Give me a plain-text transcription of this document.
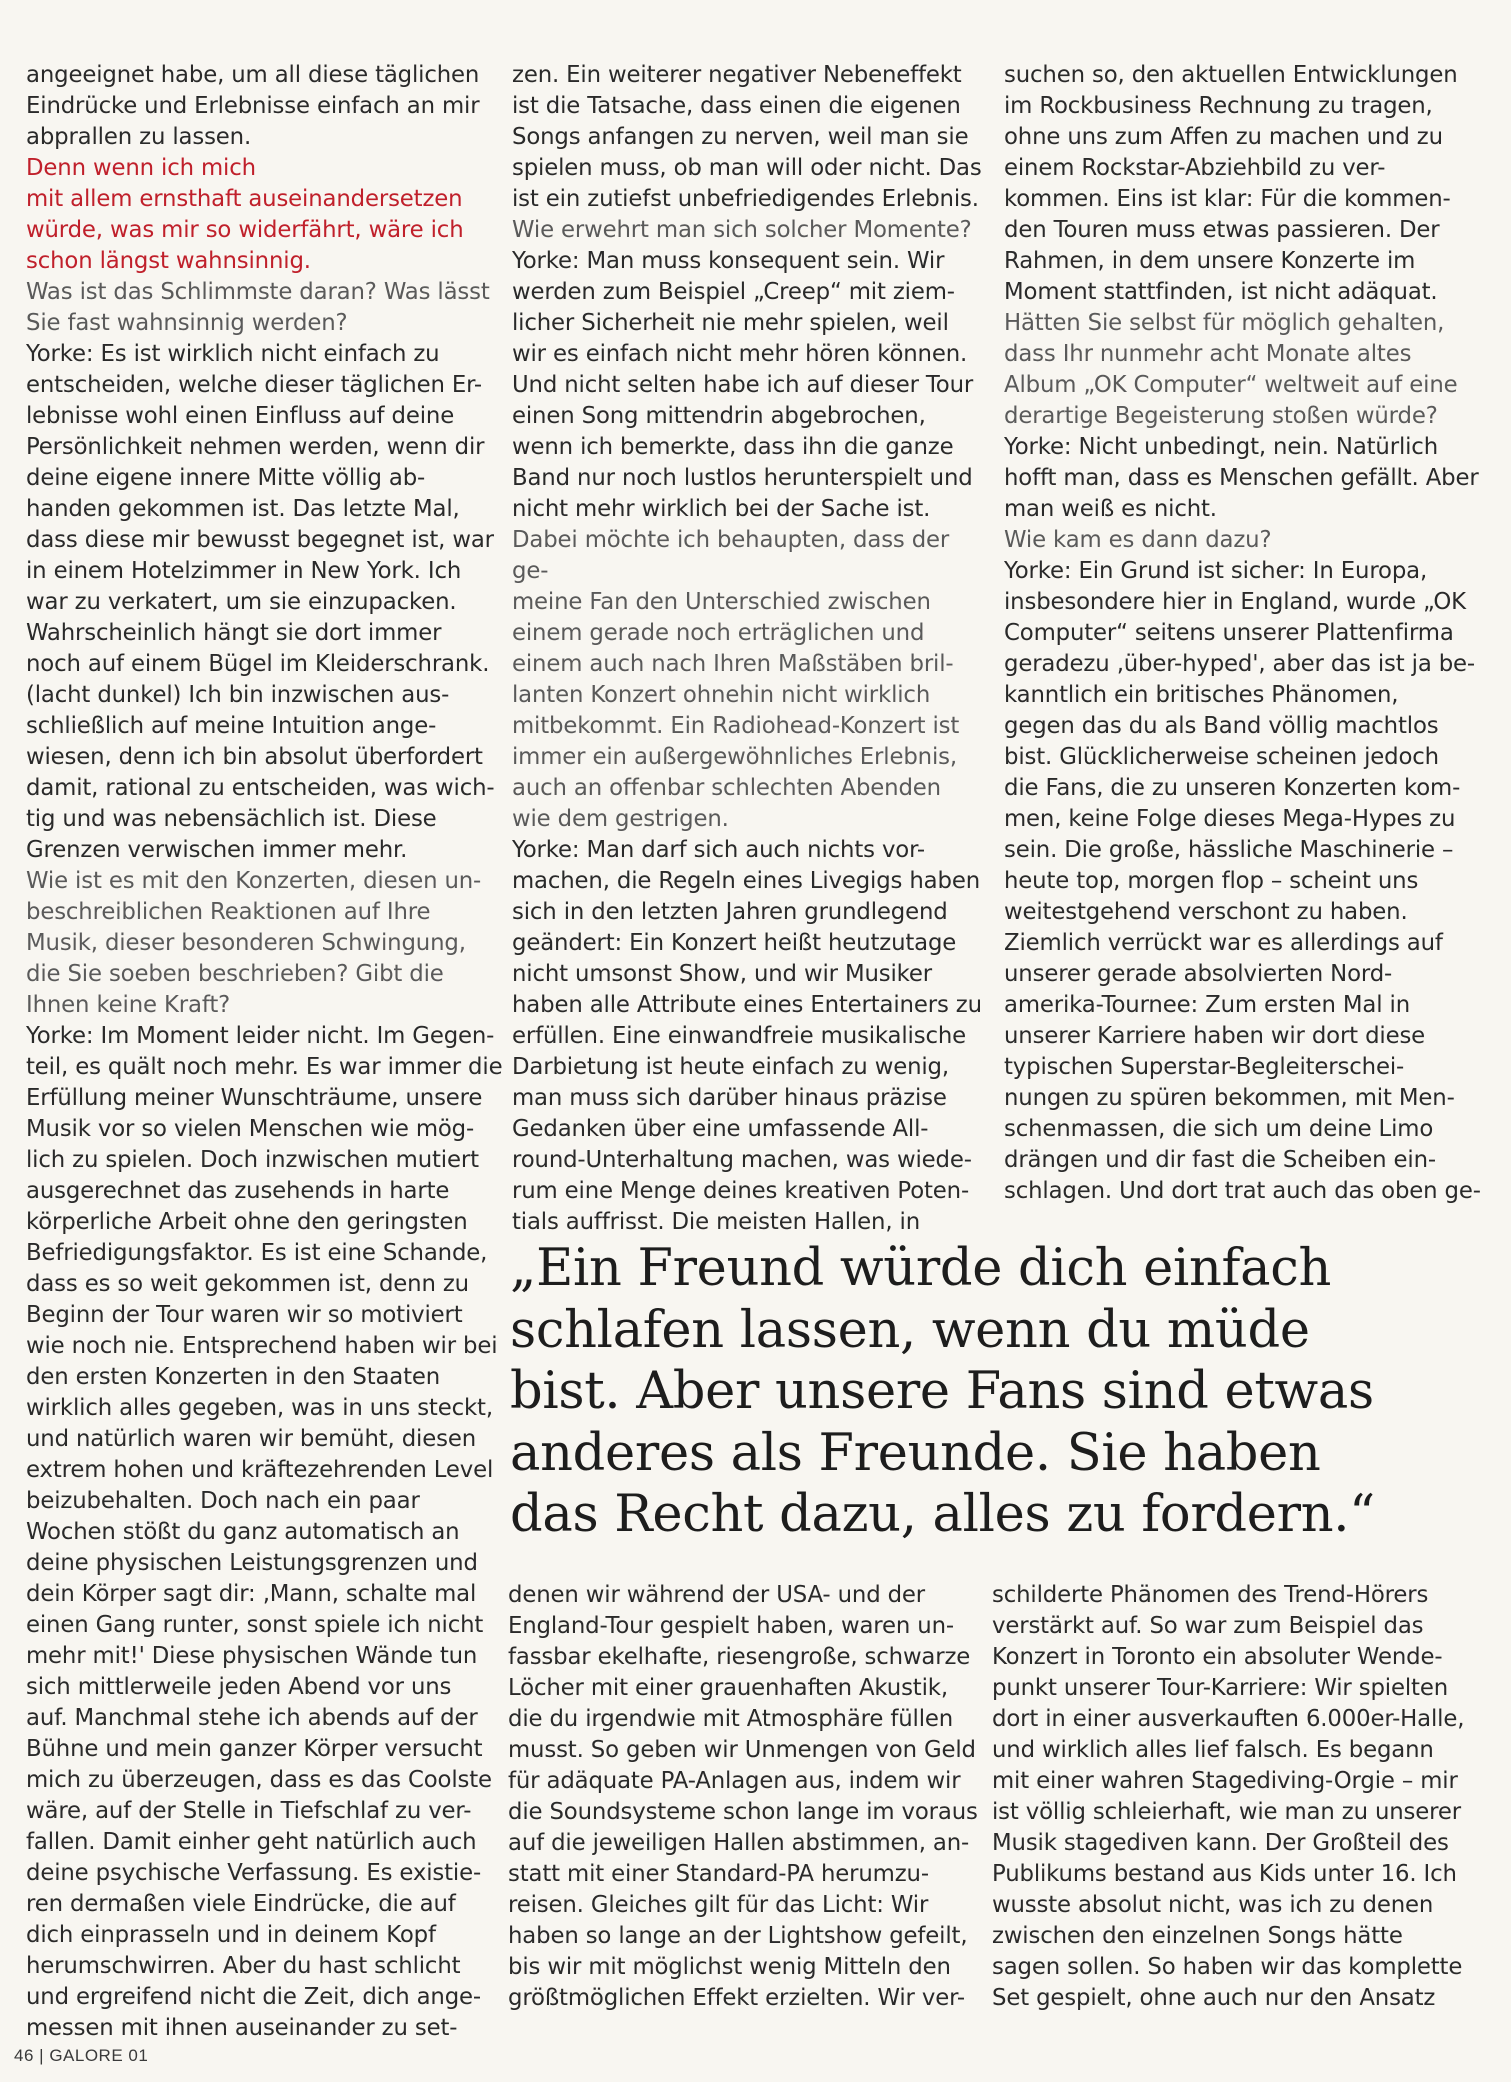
angeeignet habe, um all diese täglichen
Eindrücke und Erlebnisse einfach an mir
abprallen zu lassen.

Denn wenn ich mich
mit allem ernsthaft auseinandersetzen
würde, was mir so widerfährt, wäre ich
schon längst wahnsinnig.

Was ist das Schlimmste daran? Was lässt
Sie fast wahnsinnig werden?

Yorke: Es ist wirklich nicht einfach zu
entscheiden, welche dieser täglichen Er-
lebnisse wohl einen Einfluss auf deine
Persönlichkeit nehmen werden, wenn dir
deine eigene innere Mitte völlig ab-
handen gekommen ist. Das letzte Mal,
dass diese mir bewusst begegnet ist, war
in einem Hotelzimmer in New York. Ich
war zu verkatert, um sie einzupacken.
Wahrscheinlich hängt sie dort immer
noch auf einem Bügel im Kleiderschrank.
(lacht dunkel) Ich bin inzwischen aus-
schließlich auf meine Intuition ange-
wiesen, denn ich bin absolut überfordert
damit, rational zu entscheiden, was wich-
tig und was nebensächlich ist. Diese
Grenzen verwischen immer mehr.

Wie ist es mit den Konzerten, diesen un-
beschreiblichen Reaktionen auf Ihre
Musik, dieser besonderen Schwingung,
die Sie soeben beschrieben? Gibt die
Ihnen keine Kraft?

Yorke: Im Moment leider nicht. Im Gegen-
teil, es quält noch mehr. Es war immer die
Erfüllung meiner Wunschträume, unsere
Musik vor so vielen Menschen wie mög-
lich zu spielen. Doch inzwischen mutiert
ausgerechnet das zusehends in harte
körperliche Arbeit ohne den geringsten
Befriedigungsfaktor. Es ist eine Schande,
dass es so weit gekommen ist, denn zu
Beginn der Tour waren wir so motiviert
wie noch nie. Entsprechend haben wir bei
den ersten Konzerten in den Staaten
wirklich alles gegeben, was in uns steckt,
und natürlich waren wir bemüht, diesen
extrem hohen und kräftezehrenden Level
beizubehalten. Doch nach ein paar
Wochen stößt du ganz automatisch an
deine physischen Leistungsgrenzen und
dein Körper sagt dir: ‚Mann, schalte mal
einen Gang runter, sonst spiele ich nicht
mehr mit!' Diese physischen Wände tun
sich mittlerweile jeden Abend vor uns
auf. Manchmal stehe ich abends auf der
Bühne und mein ganzer Körper versucht
mich zu überzeugen, dass es das Coolste
wäre, auf der Stelle in Tiefschlaf zu ver-
fallen. Damit einher geht natürlich auch
deine psychische Verfassung. Es existie-
ren dermaßen viele Eindrücke, die auf
dich einprasseln und in deinem Kopf
herumschwirren. Aber du hast schlicht
und ergreifend nicht die Zeit, dich ange-
messen mit ihnen auseinander zu set-

zen. Ein weiterer negativer Nebeneffekt
ist die Tatsache, dass einen die eigenen
Songs anfangen zu nerven, weil man sie
spielen muss, ob man will oder nicht. Das
ist ein zutiefst unbefriedigendes Erlebnis.

Wie erwehrt man sich solcher Momente?

Yorke: Man muss konsequent sein. Wir
werden zum Beispiel „Creep“ mit ziem-
licher Sicherheit nie mehr spielen, weil
wir es einfach nicht mehr hören können.
Und nicht selten habe ich auf dieser Tour
einen Song mittendrin abgebrochen,
wenn ich bemerkte, dass ihn die ganze
Band nur noch lustlos herunterspielt und
nicht mehr wirklich bei der Sache ist.

Dabei möchte ich behaupten, dass der ge-
meine Fan den Unterschied zwischen
einem gerade noch erträglichen und
einem auch nach Ihren Maßstäben bril-
lanten Konzert ohnehin nicht wirklich
mitbekommt. Ein Radiohead-Konzert ist
immer ein außergewöhnliches Erlebnis,
auch an offenbar schlechten Abenden
wie dem gestrigen.

Yorke: Man darf sich auch nichts vor-
machen, die Regeln eines Livegigs haben
sich in den letzten Jahren grundlegend
geändert: Ein Konzert heißt heutzutage
nicht umsonst Show, und wir Musiker
haben alle Attribute eines Entertainers zu
erfüllen. Eine einwandfreie musikalische
Darbietung ist heute einfach zu wenig,
man muss sich darüber hinaus präzise
Gedanken über eine umfassende All-
round-Unterhaltung machen, was wiede-
rum eine Menge deines kreativen Poten-
tials auffrisst. Die meisten Hallen, in

suchen so, den aktuellen Entwicklungen
im Rockbusiness Rechnung zu tragen,
ohne uns zum Affen zu machen und zu
einem Rockstar-Abziehbild zu ver-
kommen. Eins ist klar: Für die kommen-
den Touren muss etwas passieren. Der
Rahmen, in dem unsere Konzerte im
Moment stattfinden, ist nicht adäquat.

Hätten Sie selbst für möglich gehalten,
dass Ihr nunmehr acht Monate altes
Album „OK Computer“ weltweit auf eine
derartige Begeisterung stoßen würde?

Yorke: Nicht unbedingt, nein. Natürlich
hofft man, dass es Menschen gefällt. Aber
man weiß es nicht.

Wie kam es dann dazu?

Yorke: Ein Grund ist sicher: In Europa,
insbesondere hier in England, wurde „OK
Computer“ seitens unserer Plattenfirma
geradezu ‚über-hyped', aber das ist ja be-
kanntlich ein britisches Phänomen,
gegen das du als Band völlig machtlos
bist. Glücklicherweise scheinen jedoch
die Fans, die zu unseren Konzerten kom-
men, keine Folge dieses Mega-Hypes zu
sein. Die große, hässliche Maschinerie –
heute top, morgen flop – scheint uns
weitestgehend verschont zu haben.
Ziemlich verrückt war es allerdings auf
unserer gerade absolvierten Nord-
amerika-Tournee: Zum ersten Mal in
unserer Karriere haben wir dort diese
typischen Superstar-Begleiterschei-
nungen zu spüren bekommen, mit Men-
schenmassen, die sich um deine Limo
drängen und dir fast die Scheiben ein-
schlagen. Und dort trat auch das oben ge-

„Ein Freund würde dich einfach
schlafen lassen, wenn du müde
bist. Aber unsere Fans sind etwas
anderes als Freunde. Sie haben
das Recht dazu, alles zu fordern.“

denen wir während der USA- und der
England-Tour gespielt haben, waren un-
fassbar ekelhafte, riesengroße, schwarze
Löcher mit einer grauenhaften Akustik,
die du irgendwie mit Atmosphäre füllen
musst. So geben wir Unmengen von Geld
für adäquate PA-Anlagen aus, indem wir
die Soundsysteme schon lange im voraus
auf die jeweiligen Hallen abstimmen, an-
statt mit einer Standard-PA herumzu-
reisen. Gleiches gilt für das Licht: Wir
haben so lange an der Lightshow gefeilt,
bis wir mit möglichst wenig Mitteln den
größtmöglichen Effekt erzielten. Wir ver-

schilderte Phänomen des Trend-Hörers
verstärkt auf. So war zum Beispiel das
Konzert in Toronto ein absoluter Wende-
punkt unserer Tour-Karriere: Wir spielten
dort in einer ausverkauften 6.000er-Halle,
und wirklich alles lief falsch. Es begann
mit einer wahren Stagediving-Orgie – mir
ist völlig schleierhaft, wie man zu unserer
Musik stagediven kann. Der Großteil des
Publikums bestand aus Kids unter 16. Ich
wusste absolut nicht, was ich zu denen
zwischen den einzelnen Songs hätte
sagen sollen. So haben wir das komplette
Set gespielt, ohne auch nur den Ansatz

46 | GALORE 01
